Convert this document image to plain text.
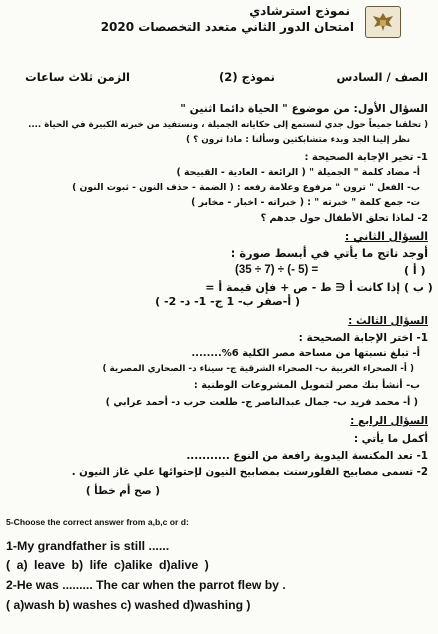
نموذج استرشادي
امتحان الدور الثاني متعدد التخصصات 2020
الصف / السادس
نموذج (2)
الزمن ثلاث ساعات
السؤال الأول: من موضوع " الحياة دائما اثنين "
( تحلقنا جميعاً حول جدي لنستمع إلى حكاياته الجميلة ، ونستفيد من خبرته الكبيرة في الحياة ....
نظر إلينا الجد وبدء متشابكتين وسألنا : ماذا ترون ؟ )
1- تخير الإجابة الصحيحة :
أ- مضاد كلمة " الجميلة " ( الرائعة - العادية - القبيحة )
ب- الفعل " ترون " مرفوع وعلامة رفعه : ( الضمة - حذف النون - ثبوت النون )
ت- جمع كلمة " خبرته " : ( خبراته - اخبار - مخابر )
2- لماذا تحلق الأطفال حول جدهم ؟
السؤال الثاني :
أوجد ناتج ما يأتي في أبسط صورة :
( أ )
(35 ÷ 7) ÷ (- 5) =
( ب )
إذا كانت أ ∈ ط - ص + فإن قيمة أ =
( أ-صفر ب- 1 ج- 1- د- 2- )
السؤال الثالث :
1- اختر الإجابة الصحيحة :
أ- تبلغ نسبتها من مساحة مصر الكلية 6%........
( أ- الصحراء الغربية ب- الصحراء الشرقية ج- سيناء د- الصحاري المصرية )
ب- أنشأ بنك مصر لتمويل المشروعات الوطنية :
( أ- محمد فريد ب- جمال عبدالناصر ج- طلعت حرب د- أحمد عرابي )
السؤال الرابع :
أكمل ما يأتي :
1- تعد المكنسة اليدوية رافعة من النوع ...........
2- تسمى مصابيح الفلورسنت بمصابيح النيون لإحتوائها علي غاز النيون .
( صح أم خطأ )
5-Choose the correct answer from a,b,c or d:
1-My grandfather is still ......
( a) leave b) life c)alike d)alive )
2-He was ......... The car when the parrot flew by .
( a)wash b) washes c) washed d)washing )
